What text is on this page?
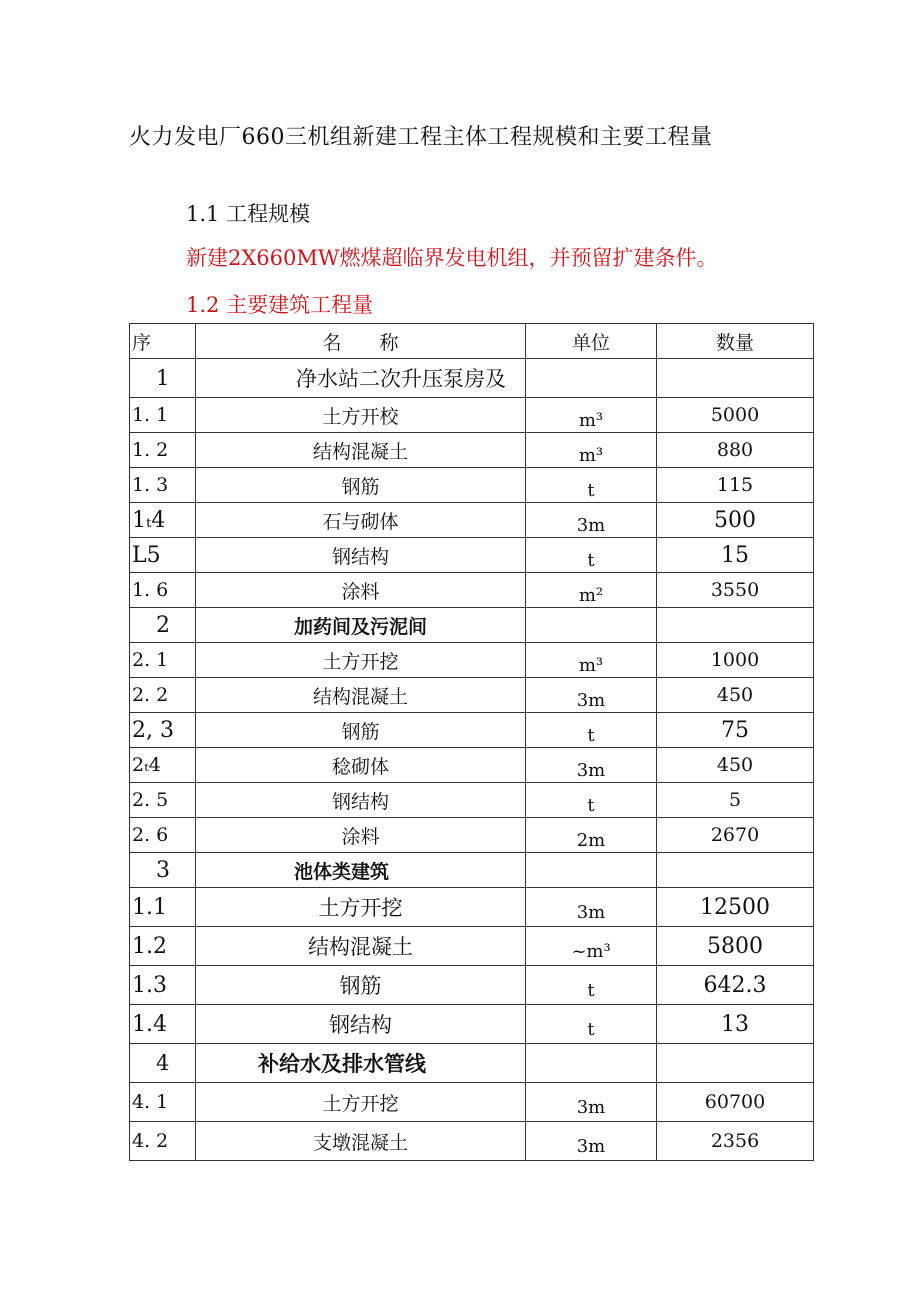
火力发电厂660三机组新建工程主体工程规模和主要工程量
1.1 工程规模
新建2X660MW燃煤超临界发电机组，并预留扩建条件。
1.2 主要建筑工程量
序	名　　称	单位	数量
1	净水站二次升压泵房及		
1. 1	土方开校	m³	5000
1. 2	结构混凝土	m³	880
1. 3	钢筋	t	115
1ₜ4	石与砌体	3m	500
L5	钢结构	t	15
1. 6	涂料	m²	3550
2	加药间及污泥间		
2. 1	土方开挖	m³	1000
2. 2	结构混凝土	3m	450
2, 3	钢筋	t	75
2ₜ4	稔砌体	3m	450
2. 5	钢结构	t	5
2. 6	涂料	2m	2670
3	池体类建筑		
1.1	土方开挖	3m	12500
1.2	结构混凝土	~m³	5800
1.3	钢筋	t	642.3
1.4	钢结构	t	13
4	补给水及排水管线		
4. 1	土方开挖	3m	60700
4. 2	支墩混凝土	3m	2356
